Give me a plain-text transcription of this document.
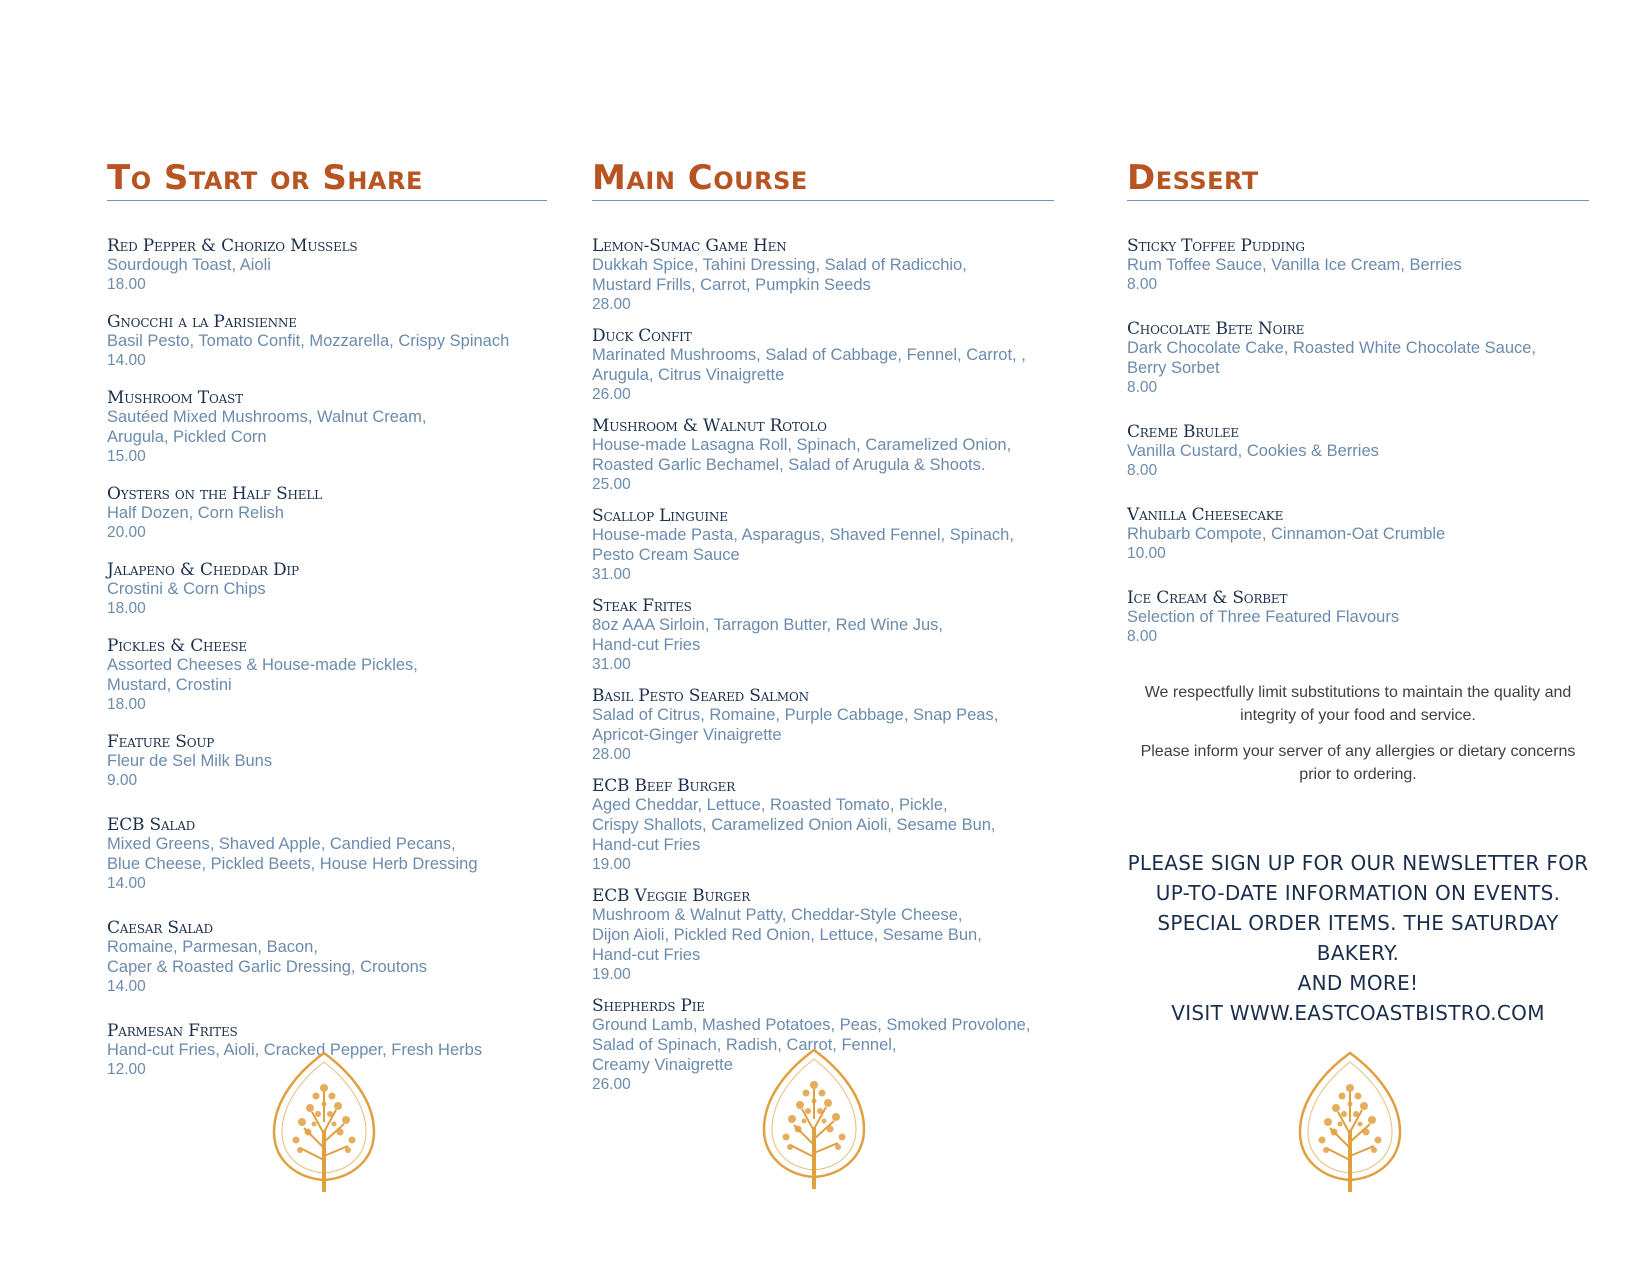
To Start or Share
Red Pepper & Chorizo Mussels
Sourdough Toast, Aioli
18.00
Gnocchi a la Parisienne
Basil Pesto, Tomato Confit, Mozzarella, Crispy Spinach
14.00
Mushroom Toast
Sautéed Mixed Mushrooms, Walnut Cream,
Arugula, Pickled Corn
15.00
Oysters on the Half Shell
Half Dozen, Corn Relish
20.00
Jalapeno & Cheddar Dip
Crostini & Corn Chips
18.00
Pickles & Cheese
Assorted Cheeses & House-made Pickles,
Mustard, Crostini
18.00
Feature Soup
Fleur de Sel Milk Buns
9.00
ECB Salad
Mixed Greens, Shaved Apple, Candied Pecans,
Blue Cheese, Pickled Beets, House Herb Dressing
14.00
Caesar Salad
Romaine, Parmesan, Bacon,
Caper & Roasted Garlic Dressing, Croutons
14.00
Parmesan Frites
Hand-cut Fries, Aioli, Cracked Pepper, Fresh Herbs
12.00
Main Course
Lemon-Sumac Game Hen
Dukkah Spice, Tahini Dressing, Salad of Radicchio,
Mustard Frills, Carrot, Pumpkin Seeds
28.00
Duck Confit
Marinated Mushrooms, Salad of Cabbage, Fennel, Carrot, ,
Arugula, Citrus Vinaigrette
26.00
Mushroom & Walnut Rotolo
House-made Lasagna Roll, Spinach, Caramelized Onion,
Roasted Garlic Bechamel, Salad of Arugula & Shoots.
25.00
Scallop Linguine
House-made Pasta, Asparagus, Shaved Fennel, Spinach,
Pesto Cream Sauce
31.00
Steak Frites
8oz AAA Sirloin, Tarragon Butter, Red Wine Jus,
Hand-cut Fries
31.00
Basil Pesto Seared Salmon
Salad of Citrus, Romaine, Purple Cabbage, Snap Peas,
Apricot-Ginger Vinaigrette
28.00
ECB Beef Burger
Aged Cheddar, Lettuce, Roasted Tomato, Pickle,
Crispy Shallots, Caramelized Onion Aioli, Sesame Bun,
Hand-cut Fries
19.00
ECB Veggie Burger
Mushroom & Walnut Patty, Cheddar-Style Cheese,
Dijon Aioli, Pickled Red Onion, Lettuce, Sesame Bun,
Hand-cut Fries
19.00
Shepherds Pie
Ground Lamb, Mashed Potatoes, Peas, Smoked Provolone,
Salad of Spinach, Radish, Carrot, Fennel,
Creamy Vinaigrette
26.00
Dessert
Sticky Toffee Pudding
Rum Toffee Sauce, Vanilla Ice Cream, Berries
8.00
Chocolate Bete Noire
Dark Chocolate Cake, Roasted White Chocolate Sauce,
Berry Sorbet
8.00
Creme Brulee
Vanilla Custard, Cookies & Berries
8.00
Vanilla Cheesecake
Rhubarb Compote, Cinnamon-Oat Crumble
10.00
Ice Cream & Sorbet
Selection of Three Featured Flavours
8.00

We respectfully limit substitutions to maintain the quality and integrity of your food and service.

Please inform your server of any allergies or dietary concerns prior to ordering.

PLEASE SIGN UP FOR OUR NEWSLETTER FOR
UP-TO-DATE INFORMATION ON EVENTS.
SPECIAL ORDER ITEMS. THE SATURDAY BAKERY.
AND MORE!
VISIT WWW.EASTCOASTBISTRO.COM
